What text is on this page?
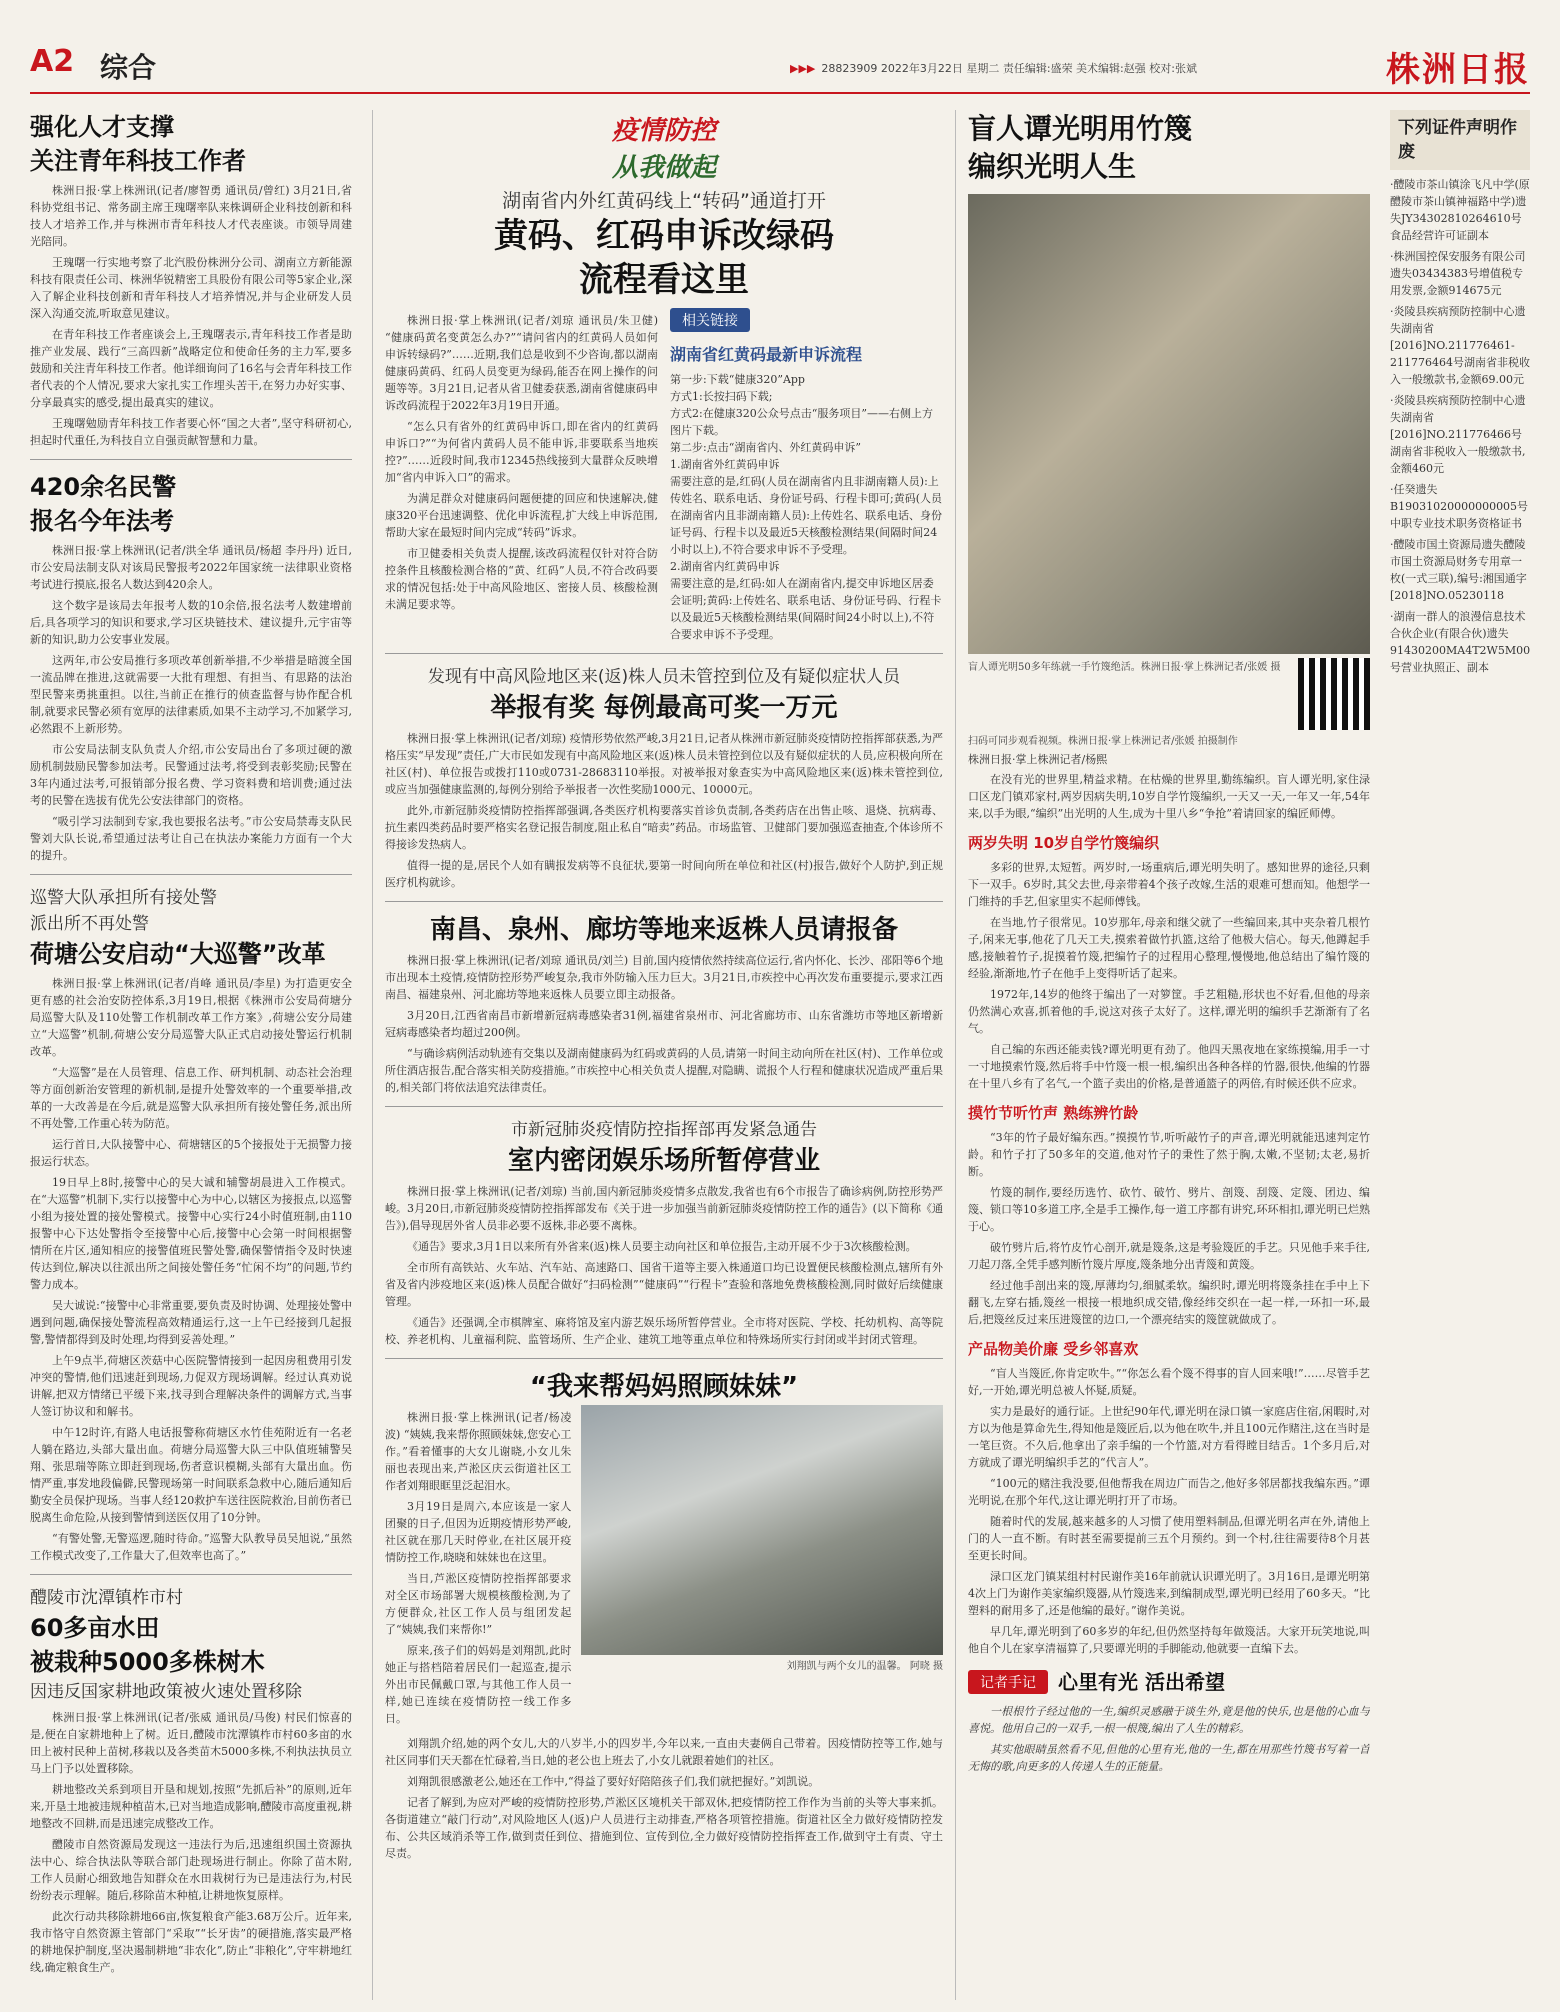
A2 综合	▶▶▶ 28823909 2022年3月22日 星期二 责任编辑:盛荣 美术编辑:赵强 校对:张斌	株洲日报
强化人才支撑
关注青年科技工作者

株洲日报·掌上株洲讯(记者/廖智勇 通讯员/曾红) 3月21日,省科协党组书记、常务副主席王瑰曙率队来株调研企业科技创新和科技人才培养工作,并与株洲市青年科技人才代表座谈。市领导周建光陪同。

王瑰曙一行实地考察了北汽股份株洲分公司、湖南立方新能源科技有限责任公司、株洲华锐精密工具股份有限公司等5家企业,深入了解企业科技创新和青年科技人才培养情况,并与企业研发人员深入沟通交流,听取意见建议。

在青年科技工作者座谈会上,王瑰曙表示,青年科技工作者是助推产业发展、践行“三高四新”战略定位和使命任务的主力军,要多鼓励和关注青年科技工作者。他详细询问了16名与会青年科技工作者代表的个人情况,要求大家扎实工作埋头苦干,在努力办好实事、分享最真实的感受,提出最真实的建议。

王瑰曙勉励青年科技工作者要心怀“国之大者”,坚守科研初心,担起时代重任,为科技自立自强贡献智慧和力量。

420余名民警
报名今年法考

株洲日报·掌上株洲讯(记者/洪全华 通讯员/杨超 李丹丹) 近日,市公安局法制支队对该局民警报考2022年国家统一法律职业资格考试进行摸底,报名人数达到420余人。

这个数字是该局去年报考人数的10余倍,报名法考人数建增前后,具各项学习的知识和要求,学习区块链技术、建议提升,元宇宙等新的知识,助力公安事业发展。

这两年,市公安局推行多项改革创新举措,不少举措是暗渡全国一流品牌在推进,这就需要一大批有理想、有担当、有思路的法治型民警来勇挑重担。以往,当前正在推行的侦查监督与协作配合机制,就要求民警必须有宽厚的法律素质,如果不主动学习,不加紧学习,必然跟不上新形势。

市公安局法制支队负责人介绍,市公安局出台了多项过硬的激励机制鼓励民警参加法考。民警通过法考,将受到表彰奖励;民警在3年内通过法考,可报销部分报名费、学习资料费和培训费;通过法考的民警在选拔有优先公安法律部门的资格。

“吸引学习法制到专家,我也要报名法考。”市公安局禁毒支队民警刘大队长说,希望通过法考让自己在执法办案能力方面有一个大的提升。

巡警大队承担所有接处警
派出所不再处警
荷塘公安启动“大巡警”改革

株洲日报·掌上株洲讯(记者/肖峰 通讯员/李星) 为打造更安全更有感的社会治安防控体系,3月19日,根据《株洲市公安局荷塘分局巡警大队及110处警工作机制改革工作方案》,荷塘公安分局建立“大巡警”机制,荷塘公安分局巡警大队正式启动接处警运行机制改革。

“大巡警”是在人员管理、信息工作、研判机制、动态社会治理等方面创新治安管理的新机制,是提升处警效率的一个重要举措,改革的一大改善是在今后,就是巡警大队承担所有接处警任务,派出所不再处警,工作重心转为防范。

运行首日,大队接警中心、荷塘辖区的5个接报处于无损警力接报运行状态。

19日早上8时,接警中心的吴大诚和辅警胡晨进入工作模式。在“大巡警”机制下,实行以接警中心为中心,以辖区为接报点,以巡警小组为接处置的接处警模式。接警中心实行24小时值班制,由110报警中心下达处警指令至接警中心后,接警中心会第一时间根据警情所在片区,通知相应的接警值班民警处警,确保警情指令及时快速传达到位,解决以往派出所之间接处警任务“忙闲不均”的问题,节约警力成本。

吴大诚说:“接警中心非常重要,要负责及时协调、处理接处警中遇到问题,确保接处警流程高效精通运行,这一上午已经接到几起报警,警情都得到及时处理,均得到妥善处理。”

上午9点半,荷塘区茨菇中心医院警情接到一起因房租费用引发冲突的警情,他们迅速赶到现场,力促双方现场调解。经过认真劝说讲解,把双方情绪已平缓下来,找寻到合理解决条件的调解方式,当事人签订协议和和解书。

中午12时许,有路人电话报警称荷塘区水竹佳苑附近有一名老人躺在路边,头部大量出血。荷塘分局巡警大队三中队值班辅警吴翔、张思瑞等陈立即赶到现场,伤者意识模糊,头部有大量出血。伤情严重,事发地段偏僻,民警现场第一时间联系急救中心,随后通知后勤安全员保护现场。当事人经120救护车送往医院救治,目前伤者已脱离生命危险,从接到警情到送医仅用了10分钟。

“有警处警,无警巡逻,随时待命。”巡警大队教导员吴旭说,“虽然工作模式改变了,工作量大了,但效率也高了。”

醴陵市沈潭镇柞市村
60多亩水田
被栽种5000多株树木
因违反国家耕地政策被火速处置移除

株洲日报·掌上株洲讯(记者/张威 通讯员/马俊) 村民们惊喜的是,便在自家耕地种上了树。近日,醴陵市沈潭镇柞市村60多亩的水田上被村民种上苗树,移栽以及各类苗木5000多株,不利执法执员立马上门予以处置移除。

耕地整改关系到项目开垦和规划,按照“先抓后补”的原则,近年来,开垦土地被违规种植苗木,已对当地造成影响,醴陵市高度重视,耕地整改不回耕,而是迅速完成整改工作。

醴陵市自然资源局发现这一违法行为后,迅速组织国土资源执法中心、综合执法队等联合部门赴现场进行制止。你除了苗木附,工作人员耐心细致地告知群众在水田栽树行为已是违法行为,村民纷纷表示理解。随后,移除苗木种植,让耕地恢复原样。

此次行动共移除耕地66亩,恢复粮食产能3.68万公斤。近年来,我市恪守自然资源主管部门“采取”“长牙齿”的硬措施,落实最严格的耕地保护制度,坚决遏制耕地“非农化”,防止“非粮化”,守牢耕地红线,确定粮食生产。

疫情防控
从我做起
湖南省内外红黄码线上“转码”通道打开
黄码、红码申诉改绿码
流程看这里

株洲日报·掌上株洲讯(记者/刘琼 通讯员/朱卫健) “健康码黄名变黄怎么办?”“请问省内的红黄码人员如何申诉转绿码?”……近期,我们总是收到不少咨询,都以湖南健康码黄码、红码人员变更为绿码,能否在网上操作的问题等等。3月21日,记者从省卫健委获悉,湖南省健康码申诉改码流程于2022年3月19日开通。

“怎么只有省外的红黄码申诉口,即在省内的红黄码申诉口?”“为何省内黄码人员不能申诉,非要联系当地疾控?”……近段时间,我市12345热线接到大量群众反映增加“省内申诉入口”的需求。

为满足群众对健康码问题便捷的回应和快速解决,健康320平台迅速调整、优化申诉流程,扩大线上申诉范围,帮助大家在最短时间内完成“转码”诉求。

市卫健委相关负责人提醒,该改码流程仅针对符合防控条件且核酸检测合格的“黄、红码”人员,不符合改码要求的情况包括:处于中高风险地区、密接人员、核酸检测未满足要求等。

相关链接
湖南省红黄码最新申诉流程
第一步:下载“健康320”App
方式1:长按扫码下载;
方式2:在健康320公众号点击“服务项目”——右侧上方图片下载。
第二步:点击“湖南省内、外红黄码申诉”
1.湖南省外红黄码申诉
需要注意的是,红码(人员在湖南省内且非湖南籍人员):上传姓名、联系电话、身份证号码、行程卡即可;黄码(人员在湖南省内且非湖南籍人员):上传姓名、联系电话、身份证号码、行程卡以及最近5天核酸检测结果(间隔时间24小时以上),不符合要求申诉不予受理。
2.湖南省内红黄码申诉
需要注意的是,红码:如人在湖南省内,提交申诉地区居委会证明;黄码:上传姓名、联系电话、身份证号码、行程卡以及最近5天核酸检测结果(间隔时间24小时以上),不符合要求申诉不予受理。
发现有中高风险地区来(返)株人员未管控到位及有疑似症状人员
举报有奖 每例最高可奖一万元

株洲日报·掌上株洲讯(记者/刘琼) 疫情形势依然严峻,3月21日,记者从株洲市新冠肺炎疫情防控指挥部获悉,为严格压实“早发现”责任,广大市民如发现有中高风险地区来(返)株人员未管控到位以及有疑似症状的人员,应积极向所在社区(村)、单位报告或拨打110或0731-28683110举报。对被举报对象查实为中高风险地区来(返)株未管控到位,或应当加强健康监测的,每例分别给予举报者一次性奖励1000元、10000元。

此外,市新冠肺炎疫情防控指挥部强调,各类医疗机构要落实首诊负责制,各类药店在出售止咳、退烧、抗病毒、抗生素四类药品时要严格实名登记报告制度,阻止私自“暗卖”药品。市场监管、卫健部门要加强巡查抽查,个体诊所不得接诊发热病人。

值得一提的是,居民个人如有瞒报发病等不良征状,要第一时间向所在单位和社区(村)报告,做好个人防护,到正规医疗机构就诊。

南昌、泉州、廊坊等地来返株人员请报备

株洲日报·掌上株洲讯(记者/刘琼 通讯员/刘兰) 目前,国内疫情依然持续高位运行,省内怀化、长沙、邵阳等6个地市出现本土疫情,疫情防控形势严峻复杂,我市外防输入压力巨大。3月21日,市疾控中心再次发布重要提示,要求江西南昌、福建泉州、河北廊坊等地来返株人员要立即主动报备。

3月20日,江西省南昌市新增新冠病毒感染者31例,福建省泉州市、河北省廊坊市、山东省潍坊市等地区新增新冠病毒感染者均超过200例。

“与确诊病例活动轨迹有交集以及湖南健康码为红码或黄码的人员,请第一时间主动向所在社区(村)、工作单位或所住酒店报告,配合落实相关防疫措施。”市疾控中心相关负责人提醒,对隐瞒、谎报个人行程和健康状况造成严重后果的,相关部门将依法追究法律责任。

市新冠肺炎疫情防控指挥部再发紧急通告
室内密闭娱乐场所暂停营业

株洲日报·掌上株洲讯(记者/刘琼) 当前,国内新冠肺炎疫情多点散发,我省也有6个市报告了确诊病例,防控形势严峻。3月20日,市新冠肺炎疫情防控指挥部发布《关于进一步加强当前新冠肺炎疫情防控工作的通告》(以下简称《通告》),倡导现居外省人员非必要不返株,非必要不离株。

《通告》要求,3月1日以来所有外省来(返)株人员要主动向社区和单位报告,主动开展不少于3次核酸检测。

全市所有高铁站、火车站、汽车站、高速路口、国省干道等主要入株通道口均已设置便民核酸检测点,辖所有外省及省内涉疫地区来(返)株人员配合做好“扫码检测”“健康码”“行程卡”查验和落地免费核酸检测,同时做好后续健康管理。

《通告》还强调,全市棋牌室、麻将馆及室内游艺娱乐场所暂停营业。全市将对医院、学校、托幼机构、高等院校、养老机构、儿童福利院、监管场所、生产企业、建筑工地等重点单位和特殊场所实行封闭或半封闭式管理。

“我来帮妈妈照顾妹妹”

株洲日报·掌上株洲讯(记者/杨凌波) “姨姨,我来帮你照顾妹妹,您安心工作。”看着懂事的大女儿谢晓,小女儿朱丽也表现出来,芦淞区庆云街道社区工作者刘翔眼眶里泛起泪水。

3月19日是周六,本应该是一家人团聚的日子,但因为近期疫情形势严峻,社区就在那几天时停业,在社区展开疫情防控工作,晓晓和妹妹也在这里。

当日,芦淞区疫情防控指挥部要求对全区市场部署大规模核酸检测,为了方便群众,社区工作人员与组团发起了“姨姨,我们来帮你!”

原来,孩子们的妈妈是刘翔凯,此时她正与搭档陪着居民们一起巡查,提示外出市民佩戴口罩,与其他工作人员一样,她已连续在疫情防控一线工作多日。

刘翔凯与两个女儿的温馨。 阿晓 摄

刘翔凯介绍,她的两个女儿,大的八岁半,小的四岁半,今年以来,一直由夫妻俩自己带着。因疫情防控等工作,她与社区同事们天天都在忙碌着,当日,她的老公也上班去了,小女儿就跟着她们的社区。

刘翔凯很感激老公,她还在工作中,“得益了要好好陪陪孩子们,我们就把握好。”刘凯说。

记者了解到,为应对严峻的疫情防控形势,芦淞区区境机关干部双休,把疫情防控工作作为当前的头等大事来抓。各街道建立“敲门行动”,对风险地区人(返)户人员进行主动排查,严格各项管控措施。街道社区全力做好疫情防控发布、公共区域消杀等工作,做到责任到位、措施到位、宣传到位,全力做好疫情防控指挥查工作,做到守土有责、守土尽责。

盲人谭光明用竹篾
编织光明人生
盲人谭光明50多年练就一手竹篾绝活。株洲日报·掌上株洲记者/张媛 摄
扫码可同步观看视频。株洲日报·掌上株洲记者/张媛 拍摄制作
株洲日报·掌上株洲记者/杨熙

在没有光的世界里,精益求精。在枯燥的世界里,勤练编织。盲人谭光明,家住渌口区龙门镇邓家村,两岁因病失明,10岁自学竹篾编织,一天又一天,一年又一年,54年来,以手为眼,“编织”出光明的人生,成为十里八乡“争抢”着请回家的编匠师傅。

两岁失明 10岁自学竹篾编织

多彩的世界,太短暂。两岁时,一场重病后,谭光明失明了。感知世界的途径,只剩下一双手。6岁时,其父去世,母亲带着4个孩子改嫁,生活的艰难可想而知。他想学一门维持的手艺,但家里实不起师傅钱。

在当地,竹子很常见。10岁那年,母亲和继父就了一些编回来,其中夹杂着几根竹子,闲来无事,他花了几天工夫,摸索着做竹扒篮,这给了他极大信心。每天,他蹲起手感,接触着竹子,捉摸着竹篾,把编竹子的过程用心整理,慢慢地,他总结出了编竹篾的经验,渐渐地,竹子在他手上变得听话了起来。

1972年,14岁的他终于编出了一对箩筐。手艺粗糙,形状也不好看,但他的母亲仍然满心欢喜,抓着他的手,说这对孩子太好了。这样,谭光明的编织手艺渐渐有了名气。

自己编的东西还能卖钱?谭光明更有劲了。他四天黑夜地在家练摸编,用手一寸一寸地摸索竹篾,然后将手中竹篾一根一根,编织出各种各样的竹器,很快,他编的竹器在十里八乡有了名气,一个篮子卖出的价格,是普通篮子的两倍,有时候还供不应求。

摸竹节听竹声 熟练辨竹龄

“3年的竹子最好编东西。”摸摸竹节,听听敲竹子的声音,谭光明就能迅速判定竹龄。和竹子打了50多年的交道,他对竹子的秉性了然于胸,太嫩,不坚韧;太老,易折断。

竹篾的制作,要经历选竹、砍竹、破竹、劈片、剖篾、刮篾、定篾、团边、编篾、锁口等10多道工序,全是手工操作,每一道工序都有讲究,环环相扣,谭光明已烂熟于心。

破竹劈片后,将竹皮竹心剖开,就是篾条,这是考验篾匠的手艺。只见他手来手往,刀起刀落,全凭手感判断竹篾片厚度,篾条地分出青篾和黄篾。

经过他手剖出来的篾,厚薄均匀,细腻柔软。编织时,谭光明将篾条挂在手中上下翻飞,左穿右插,篾丝一根接一根地织成交错,像经纬交织在一起一样,一环扣一环,最后,把篾丝反过来压进篾筐的边口,一个漂亮结实的篾筐就做成了。

产品物美价廉 受乡邻喜欢

“盲人当篾匠,你肯定吹牛。”“你怎么看个篾不得事的盲人回来哦!”……尽管手艺好,一开始,谭光明总被人怀疑,质疑。

实力是最好的通行证。上世纪90年代,谭光明在渌口镇一家庭店住宿,闲暇时,对方以为他是算命先生,得知他是篾匠后,以为他在吹牛,并且100元作赌注,这在当时是一笔巨资。不久后,他拿出了亲手编的一个竹篮,对方看得瞠目结舌。1个多月后,对方就成了谭光明编织手艺的“代言人”。

“100元的赌注我没要,但他帮我在周边广而告之,他好多邻居都找我编东西。”谭光明说,在那个年代,这让谭光明打开了市场。

随着时代的发展,越来越多的人习惯了使用塑料制品,但谭光明名声在外,请他上门的人一直不断。有时甚至需要提前三五个月预约。到一个村,往往需要待8个月甚至更长时间。

渌口区龙门镇某组村村民谢作美16年前就认识谭光明了。3月16日,是谭光明第4次上门为谢作美家编织篾器,从竹篾选来,到编制成型,谭光明已经用了60多天。“比塑料的耐用多了,还是他编的最好。”谢作美说。

早几年,谭光明到了60多岁的年纪,但仍然坚持每年做篾活。大家开玩笑地说,叫他自个儿在家享清福算了,只要谭光明的手脚能动,他就要一直编下去。

记者手记	心里有光 活出希望

一根根竹子经过他的一生,编织灵感融于谈生外,竟是他的快乐,也是他的心血与喜悦。他用自己的一双手,一根一根篾,编出了人生的精彩。

其实他眼睛虽然看不见,但他的心里有光,他的一生,都在用那些竹篾书写着一首无悔的歌,向更多的人传递人生的正能量。

下列证件声明作废
·醴陵市茶山镇涂飞凡中学(原醴陵市茶山镇神福路中学)遗失JY34302810264610号食品经营许可证副本
·株洲国控保安服务有限公司遗失03434383号增值税专用发票,金额914675元
·炎陵县疾病预防控制中心遗失湖南省[2016]NO.211776461-211776464号湖南省非税收入一般缴款书,金额69.00元
·炎陵县疾病预防控制中心遗失湖南省[2016]NO.211776466号湖南省非税收入一般缴款书,金额460元
·任癸遗失B19031020000000005号中职专业技术职务资格证书
·醴陵市国土资源局遗失醴陵市国土资源局财务专用章一枚(一式三联),编号:湘国通字[2018]NO.05230118
·湖南一群人的浪漫信息技术合伙企业(有限合伙)遗失91430200MA4T2W5M00号营业执照正、副本
